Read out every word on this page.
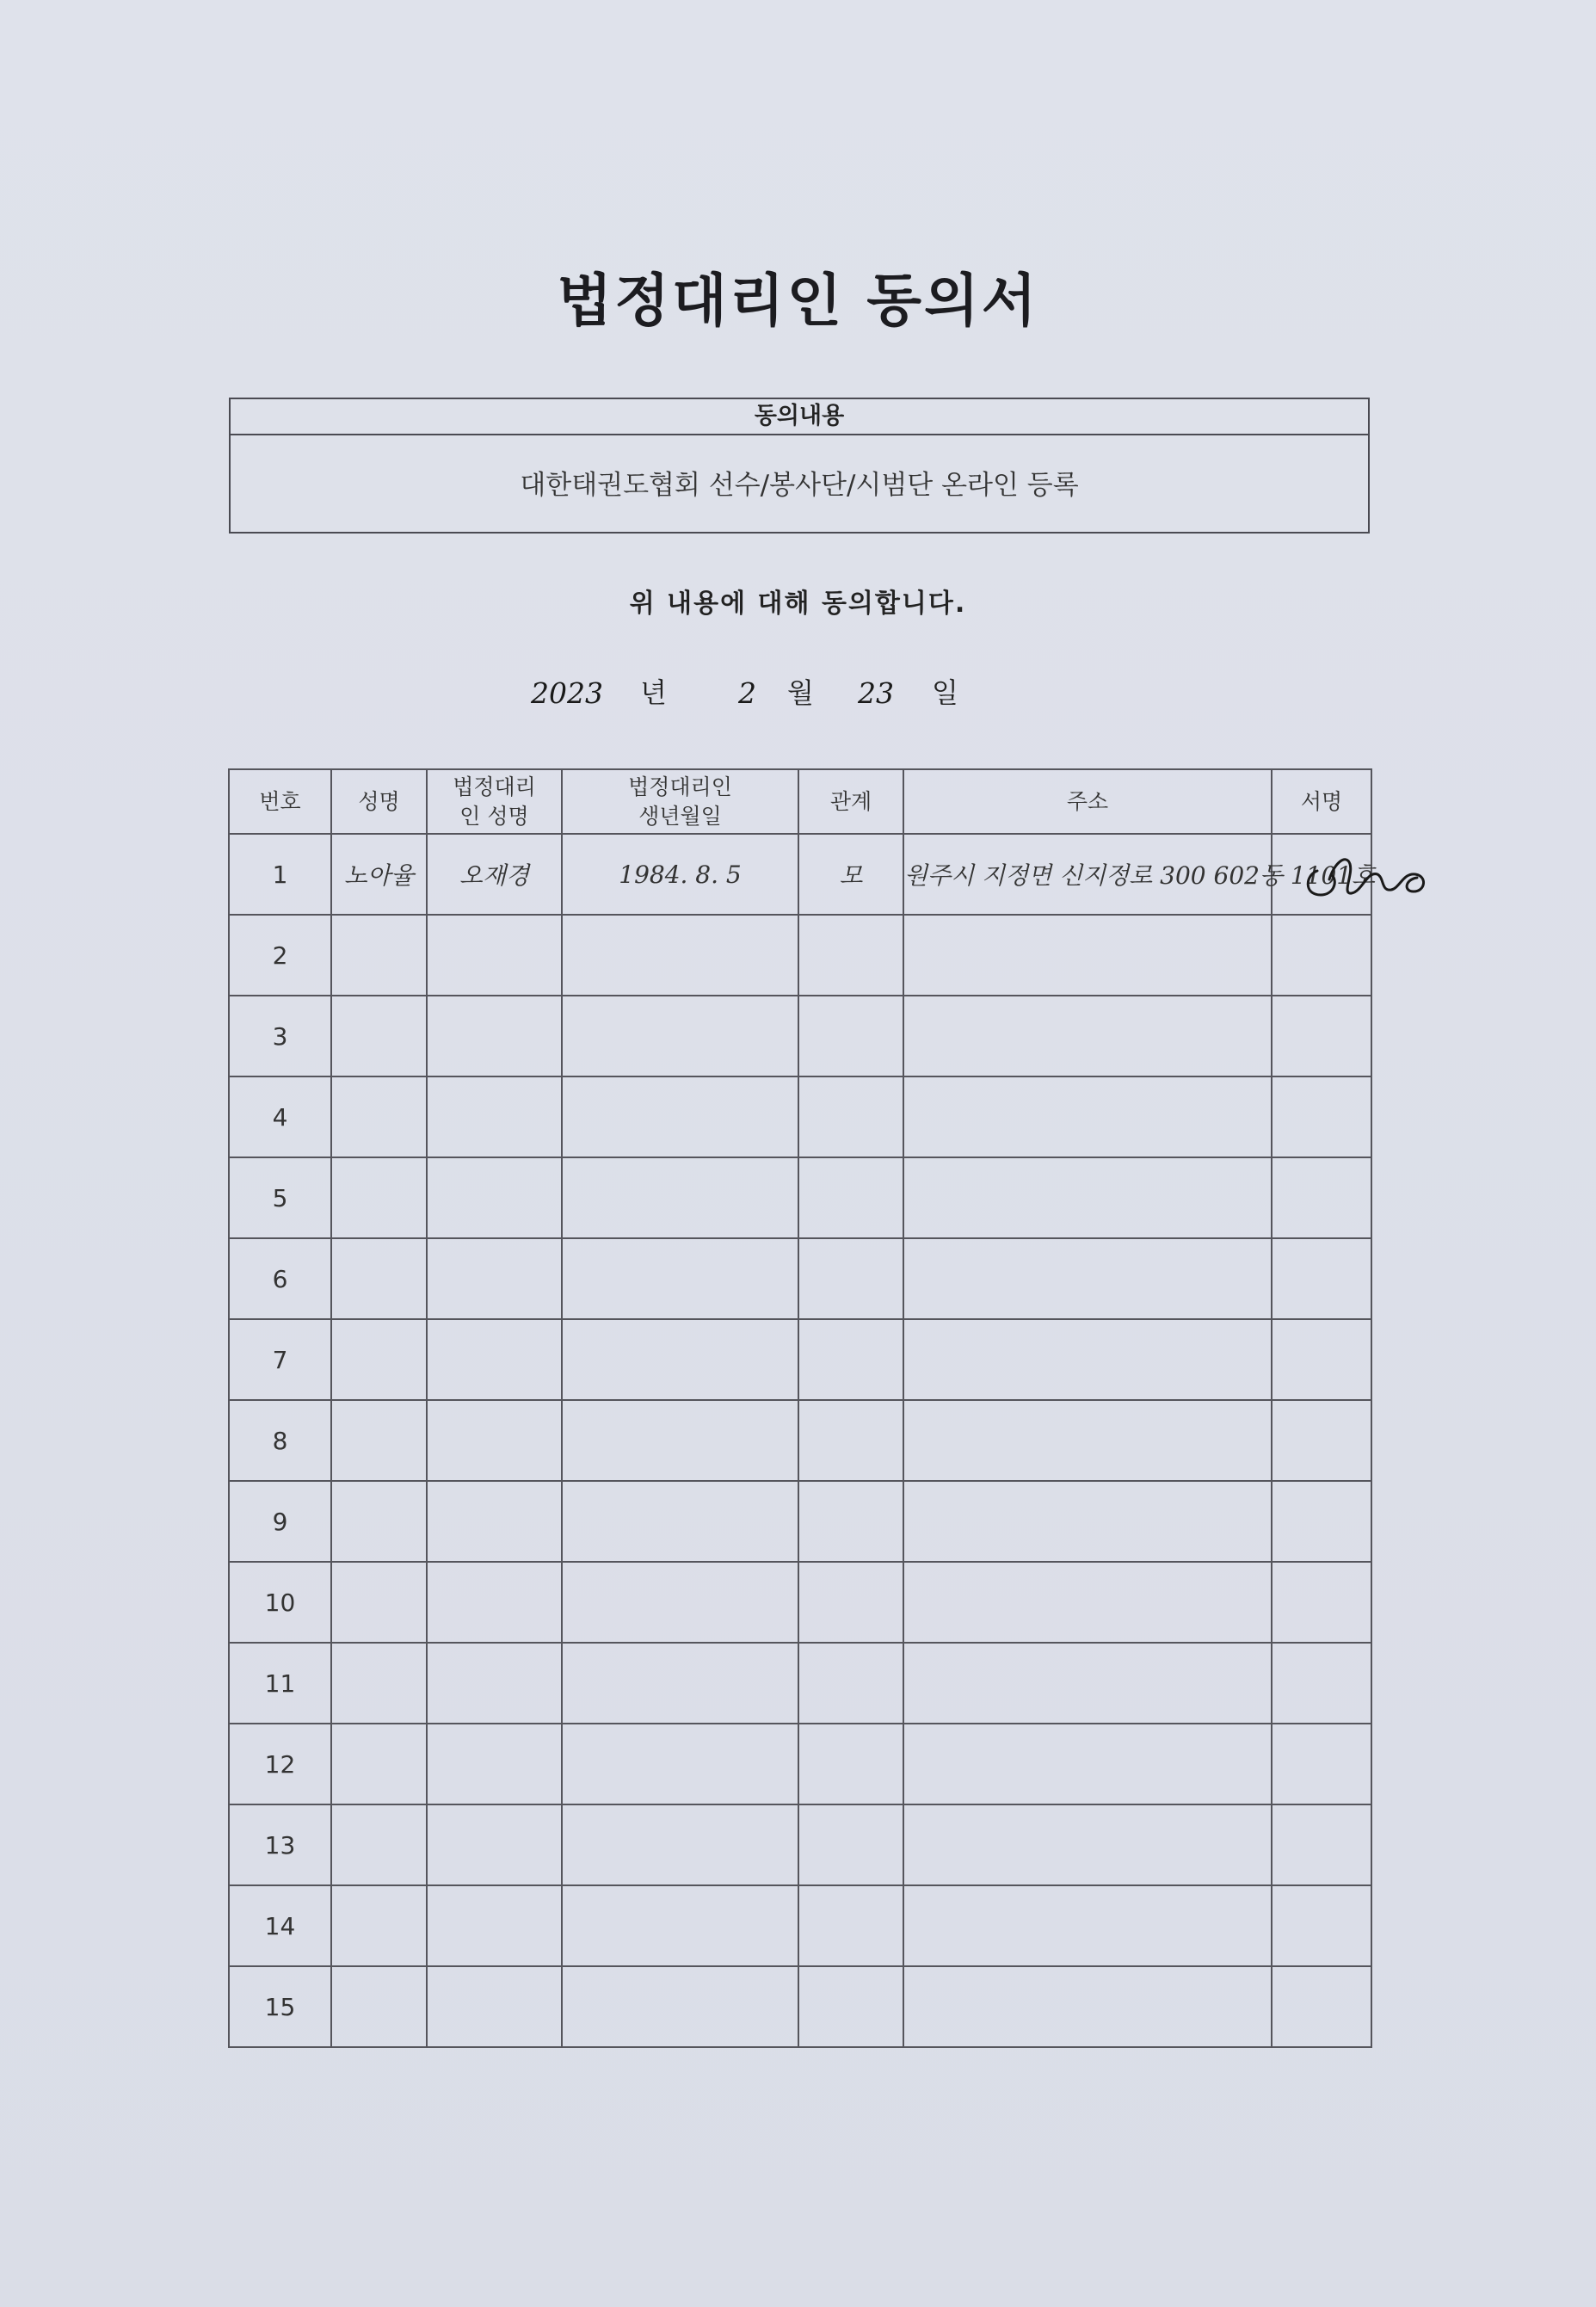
법정대리인 동의서
동의내용
대한태권도협회 선수/봉사단/시범단 온라인 등록
위 내용에 대해 동의합니다.
2023 년	2 월 23 일
번호	성명	법정대리인 성명	법정대리인 생년월일	관계	주소	서명
1	노아율	오재경	1984. 8. 5	모	원주시 지정면 신지정로 300 602동 1101호	

2						
3						
4						
5						
6						
7						
8						
9						
10						
11						
12						
13						
14						
15						
